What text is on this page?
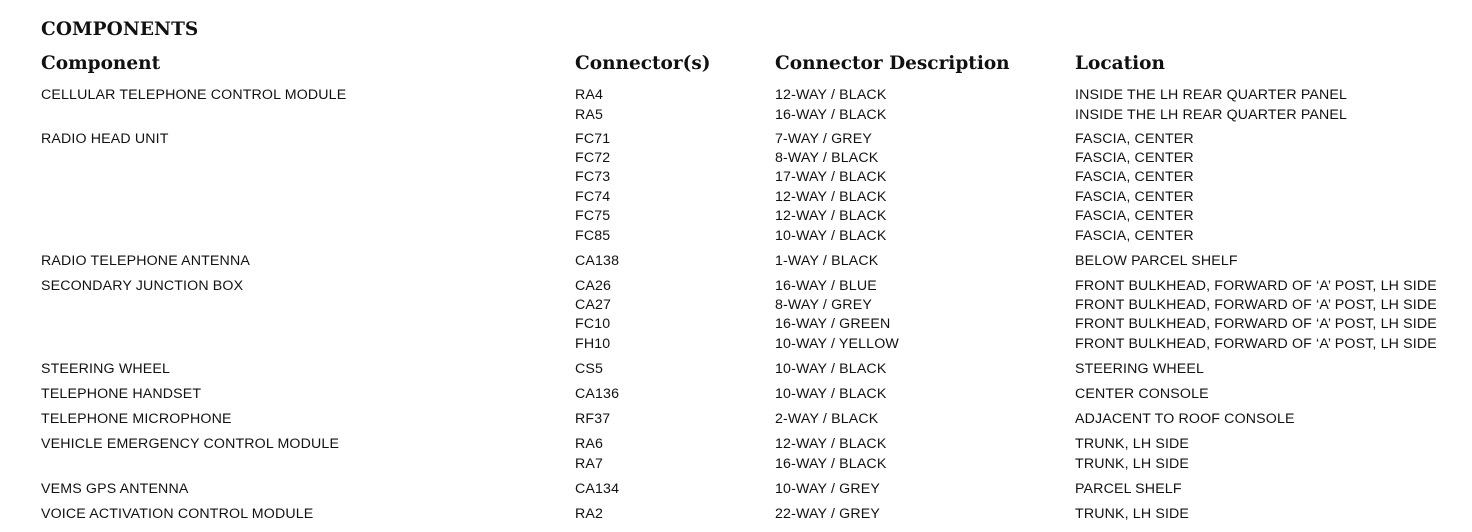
COMPONENTS
Component	Connector(s)	Connector Description	Location
CELLULAR TELEPHONE CONTROL MODULE	RA4	12-WAY / BLACK	INSIDE THE LH REAR QUARTER PANEL
RA5	16-WAY / BLACK	INSIDE THE LH REAR QUARTER PANEL
RADIO HEAD UNIT	FC71	7-WAY / GREY	FASCIA, CENTER
FC72	8-WAY / BLACK	FASCIA, CENTER
FC73	17-WAY / BLACK	FASCIA, CENTER
FC74	12-WAY / BLACK	FASCIA, CENTER
FC75	12-WAY / BLACK	FASCIA, CENTER
FC85	10-WAY / BLACK	FASCIA, CENTER
RADIO TELEPHONE ANTENNA	CA138	1-WAY / BLACK	BELOW PARCEL SHELF
SECONDARY JUNCTION BOX	CA26	16-WAY / BLUE	FRONT BULKHEAD, FORWARD OF ‘A’ POST, LH SIDE
CA27	8-WAY / GREY	FRONT BULKHEAD, FORWARD OF ‘A’ POST, LH SIDE
FC10	16-WAY / GREEN	FRONT BULKHEAD, FORWARD OF ‘A’ POST, LH SIDE
FH10	10-WAY / YELLOW	FRONT BULKHEAD, FORWARD OF ‘A’ POST, LH SIDE
STEERING WHEEL	CS5	10-WAY / BLACK	STEERING WHEEL
TELEPHONE HANDSET	CA136	10-WAY / BLACK	CENTER CONSOLE
TELEPHONE MICROPHONE	RF37	2-WAY / BLACK	ADJACENT TO ROOF CONSOLE
VEHICLE EMERGENCY CONTROL MODULE	RA6	12-WAY / BLACK	TRUNK, LH SIDE
RA7	16-WAY / BLACK	TRUNK, LH SIDE
VEMS GPS ANTENNA	CA134	10-WAY / GREY	PARCEL SHELF
VOICE ACTIVATION CONTROL MODULE	RA2	22-WAY / GREY	TRUNK, LH SIDE
